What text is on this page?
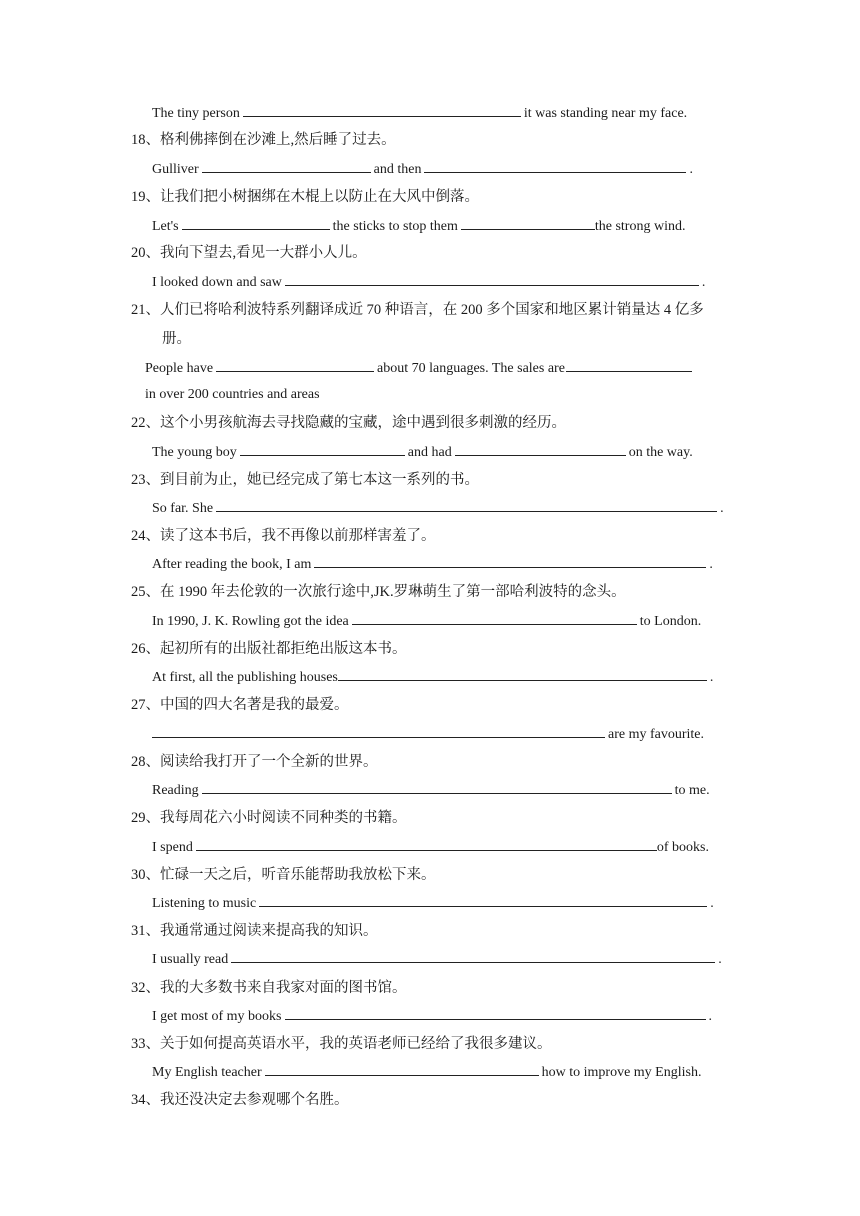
The tiny person	it was standing near my face.
18、格利佛摔倒在沙滩上,然后睡了过去。
Gulliver	and then	.
19、让我们把小树捆绑在木棍上以防止在大风中倒落。
Let's	the sticks to stop them	the strong wind.
20、我向下望去,看见一大群小人儿。
I looked down and saw	.
21、人们已将哈利波特系列翻译成近 70 种语言，在 200 多个国家和地区累计销量达 4 亿多
册。
People have	about 70 languages. The sales are
in over 200 countries and areas
22、这个小男孩航海去寻找隐藏的宝藏，途中遇到很多刺激的经历。
The young boy	and had	on the way.
23、到目前为止，她已经完成了第七本这一系列的书。
So far. She	.
24、读了这本书后，我不再像以前那样害羞了。
After reading the book, I am	.
25、在 1990 年去伦敦的一次旅行途中,JK.罗琳萌生了第一部哈利波特的念头。
In 1990, J. K. Rowling got the idea	to London.
26、起初所有的出版社都拒绝出版这本书。
At first, all the publishing houses	.
27、中国的四大名著是我的最爱。
are my favourite.
28、阅读给我打开了一个全新的世界。
Reading	to me.
29、我每周花六小时阅读不同种类的书籍。
I spend	of books.
30、忙碌一天之后，听音乐能帮助我放松下来。
Listening to music	.
31、我通常通过阅读来提高我的知识。
I usually read	.
32、我的大多数书来自我家对面的图书馆。
I get most of my books	.
33、关于如何提高英语水平，我的英语老师已经给了我很多建议。
My English teacher	how to improve my English.
34、我还没决定去参观哪个名胜。
